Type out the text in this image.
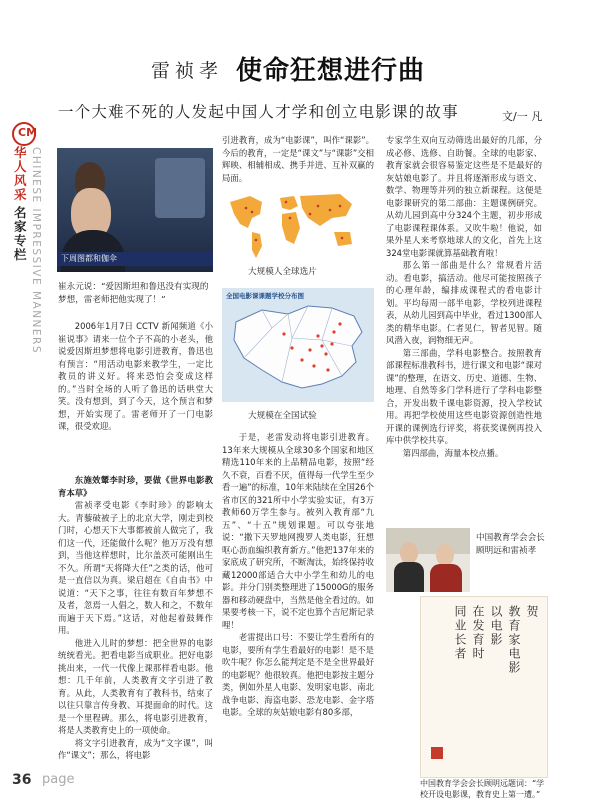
雷祯孝 使命狂想进行曲
一个大难不死的人发起中国人才学和创立电影课的故事	文/一 凡
CM
华人风采
名家专栏 CHINESE IMPRESSIVE MANNERS 下周图都和伽伞
崔永元说：“爱因斯坦和鲁迅没有实现的梦想，雷老师把他实现了！”

2006年1月7日 CCTV 新闻频道《小崔说事》请来一位个子不高的小老头，他说爱因斯坦梦想将电影引进教育，鲁迅也有预言：“用活动电影来教学生，一定比教员的讲义好。将来恐怕会变成这样的。”当时全场的人听了鲁迅的话哄堂大笑。没有想到，到了今天，这个预言和梦想，开始实现了。雷老师开了一门电影课，很受欢迎。

东施效颦李时珍，要做《世界电影教育本草》

雷祯孝受电影《李时珍》的影响太大。青藜破被子上的北京大学，刚走到校门时，心想天下大事都被前人做完了，我们这一代，还能做什么呢？他万万没有想到，当他这样想时，比尔盖茨可能刚出生不久。所谓“天将降大任”之类的话，他可是一直信以为真。梁启超在《自由书》中说道：“天下之事，往往有数百年梦想不及者，忽焉一人倡之，数人和之，不数年而遍于天下焉。”这话，对他起着鼓舞作用。

他进入儿时的梦想：把全世界的电影统统看光。把看电影当成职业。把好电影挑出来，一代一代像上课那样看电影。他想：几千年前，人类教育文字引进了教育。从此，人类教育有了教科书，结束了以往只靠言传身教、耳提面命的时代。这是一个里程碑。那么，将电影引进教育，将是人类教育史上的一项使命。

将文字引进教育，成为“文字课”，叫作“课文”；那么，将电影

引进教育，成为“电影课”，叫作“课影”。今后的教育，一定是“课文”与“课影”交相辉映、相辅相成、携手并进、互补双赢的局面。

大规模人全球选片
全国电影课课题学校分布图
大规模在全国试验

于是，老雷发动将电影引进教育。13年来大规模从全球30多个国家和地区精选110年来的上品精品电影，按照“经久不衰，百看不厌，值得每一代学生至少看一遍”的标准，10年来陆续在全国26个省市区的321所中小学实验实证，有3万教师60万学生参与。被列入教育部“九五”、“十五”规划课题。可以夸张地说：“撒下天罗地网搜罗人类电影，狂想呕心沥血编织教育新方。”他把137年来的家底成了研究所，不断淘汰，始终保持收藏12000部适合大中小学生和幼儿的电影。并分门别类整理进了15000G的服务器和移动硬盘中，当然是他全看过的。如果要考核一下，说不定也算个吉尼斯记录哩！

老雷提出口号：不要让学生看所有的电影，要所有学生看最好的电影！是不是吹牛呢？你怎么能判定是不是全世界最好的电影呢？他很较真。他把电影按主题分类，例如外星人电影、发明家电影、南北战争电影、海盗电影、恐龙电影、金字塔电影。全球的灰姑娘电影有80多部，

专家学生双向互动筛选出最好的几部，分成必修、选修、自助餐。全球的电影家、教育家就会很容易鉴定这些是不是最好的灰姑娘电影了。并且将逐渐形成与语文、数学、物理等并列的独立新课程。这便是电影课研究的第二部曲：主题课例研究。从幼儿园到高中分324个主题，初步形成了电影课程课体系。又吹牛啦！他说，如果外星人来考察地球人的文化，首先上这324堂电影课就算基础教育啦！

那么第一部曲是什么？常规看片活动。看电影，搞活动。他尽可能按照孩子的心理年龄，编排成课程式的看电影计划。平均每周一部半电影，学校列进课程表，从幼儿园到高中毕业，看过1300部人类的精华电影。仁者见仁，智者见智。随风潜入夜，润物细无声。

第三部曲，学科电影整合。按照教育部课程标准教科书，进行课文和电影“课对课”的整理，在语文、历史、道德、生物、地理、自然等多门学科进行了学科电影整合，开发出数千课电影资源，投入学校试用。再把学校使用这些电影资源创造性地开课的课例选行评奖，将获奖课例再投入库中供学校共享。

第四部曲，海量本校点播。

中国教育学会会长顾明远和雷祯孝
贺
教育家电影
以电影
在发育时
同业长者
中国教育学会会长顾明远题词：“学校开设电影课，教育史上第一遭。”
36 page
